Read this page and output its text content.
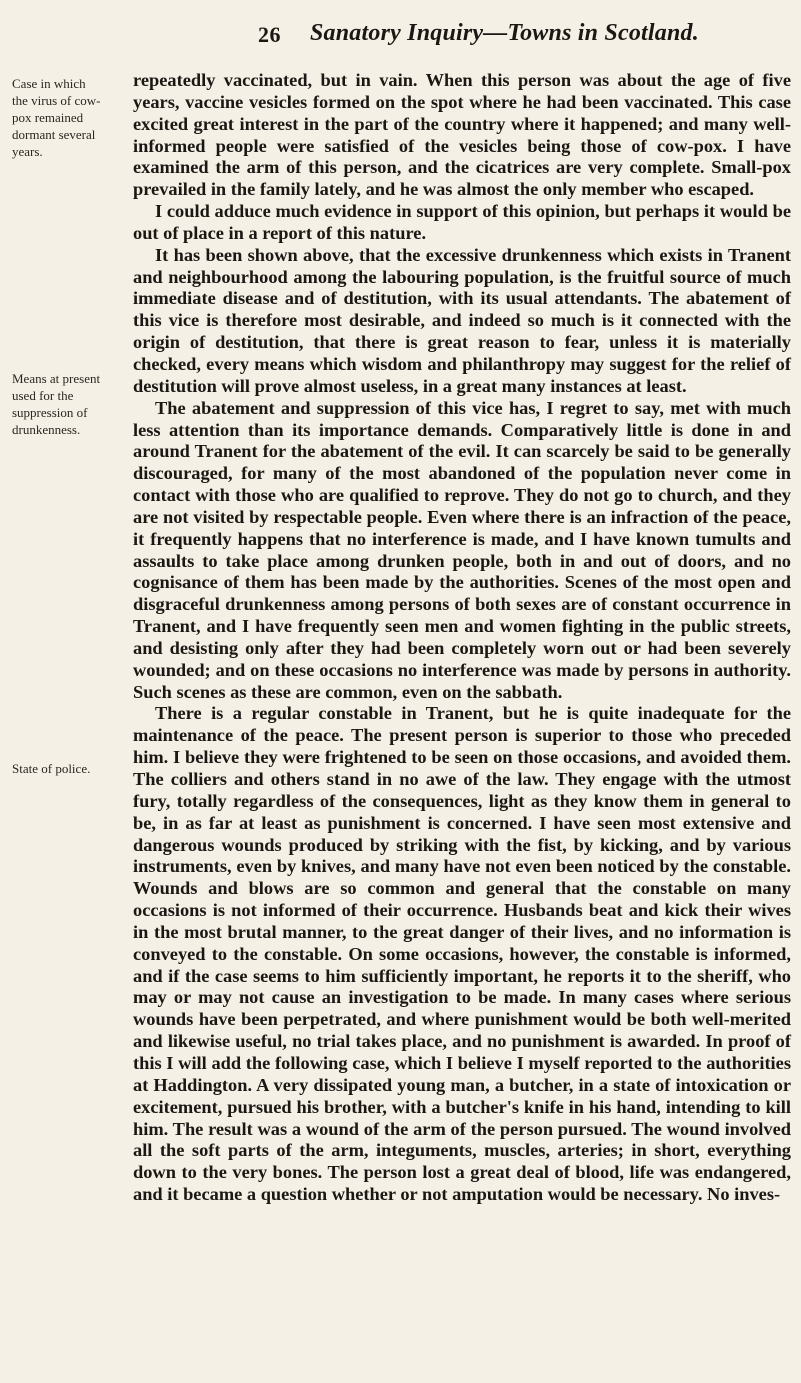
26 Sanatory Inquiry—Towns in Scotland.
Case in which the virus of cow-pox remained dormant several years.
Means at present used for the suppression of drunkenness.
State of police.

repeatedly vaccinated, but in vain. When this person was about the age of five years, vaccine vesicles formed on the spot where he had been vaccinated. This case excited great interest in the part of the country where it happened; and many well-informed people were satisfied of the vesicles being those of cow-pox. I have examined the arm of this person, and the cicatrices are very complete. Small-pox prevailed in the family lately, and he was almost the only member who escaped.

I could adduce much evidence in support of this opinion, but perhaps it would be out of place in a report of this nature.

It has been shown above, that the excessive drunkenness which exists in Tranent and neighbourhood among the labouring population, is the fruitful source of much immediate disease and of destitution, with its usual attendants. The abatement of this vice is therefore most desirable, and indeed so much is it connected with the origin of destitution, that there is great reason to fear, unless it is materially checked, every means which wisdom and philanthropy may suggest for the relief of destitution will prove almost useless, in a great many instances at least.

The abatement and suppression of this vice has, I regret to say, met with much less attention than its importance demands. Comparatively little is done in and around Tranent for the abatement of the evil. It can scarcely be said to be generally discouraged, for many of the most abandoned of the population never come in contact with those who are qualified to reprove. They do not go to church, and they are not visited by respectable people. Even where there is an infraction of the peace, it frequently happens that no interference is made, and I have known tumults and assaults to take place among drunken people, both in and out of doors, and no cognisance of them has been made by the authorities. Scenes of the most open and disgraceful drunkenness among persons of both sexes are of constant occurrence in Tranent, and I have frequently seen men and women fighting in the public streets, and desisting only after they had been completely worn out or had been severely wounded; and on these occasions no interference was made by persons in authority. Such scenes as these are common, even on the sabbath.

There is a regular constable in Tranent, but he is quite inadequate for the maintenance of the peace. The present person is superior to those who preceded him. I believe they were frightened to be seen on those occasions, and avoided them. The colliers and others stand in no awe of the law. They engage with the utmost fury, totally regardless of the consequences, light as they know them in general to be, in as far at least as punishment is concerned. I have seen most extensive and dangerous wounds produced by striking with the fist, by kicking, and by various instruments, even by knives, and many have not even been noticed by the constable. Wounds and blows are so common and general that the constable on many occasions is not informed of their occurrence. Husbands beat and kick their wives in the most brutal manner, to the great danger of their lives, and no information is conveyed to the constable. On some occasions, however, the constable is informed, and if the case seems to him sufficiently important, he reports it to the sheriff, who may or may not cause an investigation to be made. In many cases where serious wounds have been perpetrated, and where punishment would be both well-merited and likewise useful, no trial takes place, and no punishment is awarded. In proof of this I will add the following case, which I believe I myself reported to the authorities at Haddington. A very dissipated young man, a butcher, in a state of intoxication or excitement, pursued his brother, with a butcher's knife in his hand, intending to kill him. The result was a wound of the arm of the person pursued. The wound involved all the soft parts of the arm, integuments, muscles, arteries; in short, everything down to the very bones. The person lost a great deal of blood, life was endangered, and it became a question whether or not amputation would be necessary. No inves-
